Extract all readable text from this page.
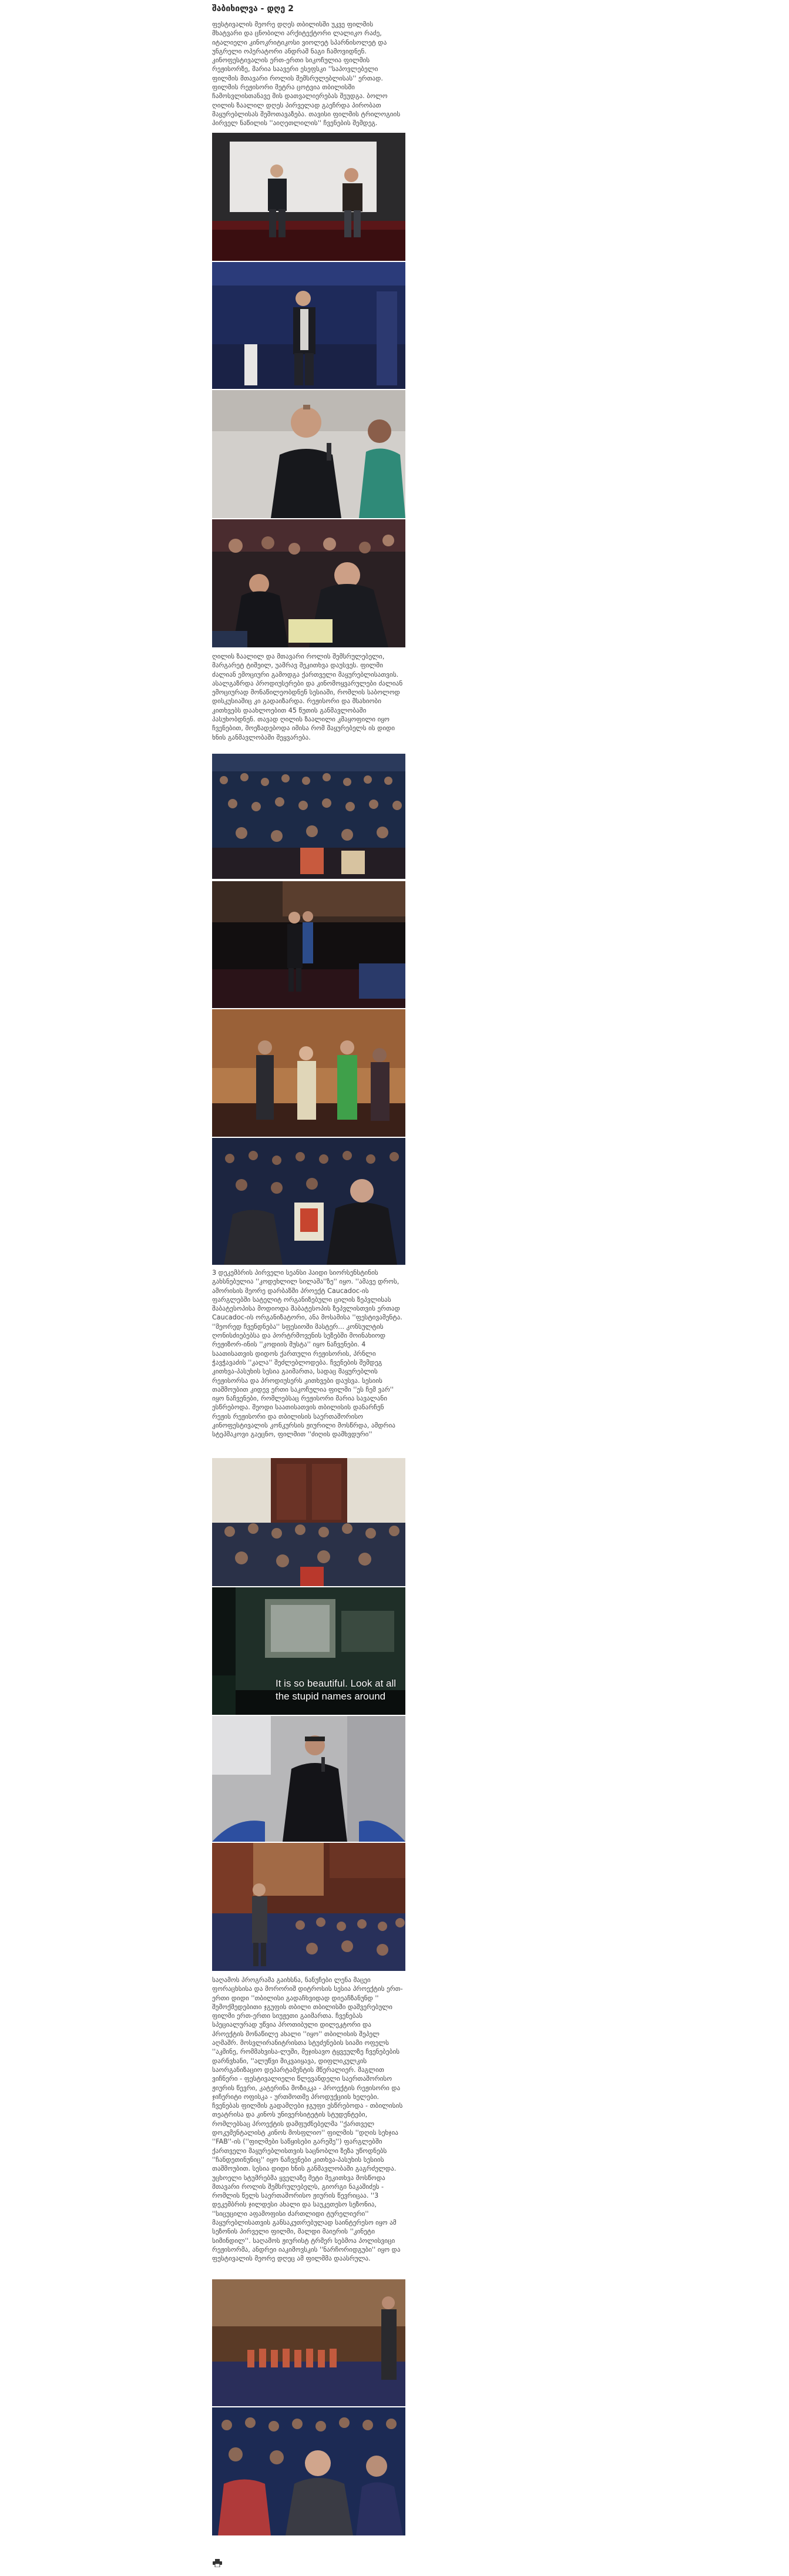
შაბიხილვა - დღე 2
ფესტივალის მეორე დღეს თბილისში უკვე ფილმის მხატვარი და ცნობილი არქიტექტორი ლალიკო რაძე, იტალიელი კინოკრიტიკოსი ვიოლეტ სპარნისოლეტ და უნგრელი ოპერატორი ანდრაშ ნაგი ჩამოვიდნენ. კინოფესტივალის ერთ-ერთი სიკოჩულია ფილმის რეჟისორზე, მარია საავერი ესეფსკი ''საპოვლებელი ფილმის მთავარი როლის შემსრულებლისას'' ერთად. ფილმის რეჟისორი მეტრა ცოტვია თბილისში ჩამოსვლისთანავე მის დათვალიერებას შეუდგა. ბოლო ღილის ზაალილ დღეს პირველად გაეჩრდა პირობათ მაყურებლისას შემოთავაზება. თავისი ფილმის ტრილოგიის პირველ ნაწილის ''აიღეთლილის'' ჩვენების შემდეგ.
ღილის ზაალილ და მთავარი როლის შემსრულებელი, მარგარეტ ტიშეილ, უამრავ შეკითხვა დაუსვეს. ფილმი ძალიან ემოციური გამოდგა ქართველი მაყურებლისათვის. ასალგაზრდა პროდიუსერები და კინომოყვარულები ძალიან ემოციურად მონაწილეობდნენ სესიაში, რომლის საბოლოდ დისკუსიაშიც კი გადაიზარდა. რეჟისორი და მსახიობი კითხვებს დაახლოებით 45 წუთის განმავლობაში პასუხობდნენ. თავად ღილის ზაალილი კმაყოფილი იყო ჩვენებით, მოეზადებოდა იმისა რომ მაყურებელს ის დიდი ხნის განმავლობაში შეყვარება.
3 დეკემბრის პირველი სეანსი ჰაიდი სიორსენსტინის გახსნებულია ''კოდეხლილ სილაშა''ზე'' იყო. ''ამავე დროს, ამორისის მეორე დარბაზში პროექტ Caucadoc-ის ფარგლებში სატელიტ ორგანიზებული ცილის ზეპვლისას შაბატესოპისა მოდიოდა შაბატესოპის ზეპვლისთვის ერთად Caucadoc-ის ორგანიზატორი, ანა მოსამისა ''ფესტივამენტა. ''მეორედ ჩვენდნება'' სფესიოში მასტერ... კონსულტის ღონისძიებებსა და პორტრმოვენის სეზებში მოინახიოდ რეჟიზორ-ინის ''კოდიის მუსტა'' იყო ნაჩვენები. 4 საათისათვის დიდოს ქართული რეჟისორის, პრნლი ჭავჭავაძის ''კალა'' შეძლებლოდება. ჩვენების შემდეგ კითხვა-პასუხის სესია გაიმართა, სადაც მაყურებლის რეჟისორსა და პროდიუსერს კითხვები დაუსვა. სესიის თაშმოუბით კიდევ ერთი საკოჩულია ფილმი ''ეს ჩემ ვარ'' იყო ნაჩვენები, რომლებსაც რეჟისორი მარია სავალანი ესწრებოდა. შეოდი საათისათვის თბილისის დანარჩენ რეჟის რეჟისორი და თბილისის საერთაშორისო კინოფესტივალის კონკურსის ჟიურილი მოსწრდა, ამდრია სტეპმაკოვი გაეცნო, ფილმით ''ძიღის დამხვდური''
It is so beautiful. Look at all the stupid names around
საღამოს პროგრამა გაიხსნა, ნანუჩები ლენა მაცეი ფორაცხსისა და მორორიშ დიტროსის სესია პროექტის ერთ-ერთი დიდი ''თბილისი გადაჩხვიდად დიეაჩზანუნდ '' შემოქმედებითი ჯგუფის თბილი თბილისში დაშვერებული ფილმი ერთ-ერთი სიუჟეთი გაიმართა. ჩვენებას სპეციალურად უწვია პროთიბული დილეკტორი და პროექტის მონაწილე ახალი ''იყო'' თბილისის შეპელ აღმაშრ. მოსვლირანიტრისთა სტუძენების სიამი ოფელს ''აკმინე, რომმახვისა-ლუში, მეჯისავო ტყვეულზე ჩვენებების დარნვხანი, ''ალუწვი მიკვაიყავა, დიფლიკულკის საორგანიზაციო დეპარტამენტის მწერალიერ. მაგლით ვიჩნერი - ფესტივალიელი წლევანდელი საერთაშორისო ჟიურის წევრი, კატერინა მოზიკკა - პროექტის რეჟისორი და ჯიჩერიტი ოფისკა - ურთმოთმე პროდუქციის ხელები. ჩვენებას ფილმის გადამღები ჯგუფი ესწრებოდა - თბილისის თეატრისა და კინოს უნივერსიტეტის სტუდენტები, რომლებსაც პროექტის დამფუძნებელმა ''ქართველ დოკუმენტალისტ კინოს მოსფლიო'' ფილმის ''დღის სეხჯია ''FAB''-ის (''ფილმები საწყისები გარეშე'') ფარგლებში ქართველი მაყურებლისთვის საცნობლი ზეზა უწოდნებს ''ჩანდეთინუნიც'' იყო ნაჩვენები კითხვა-პასუხის სესიის თაშმოუბით. სესია დიდი ხნის განმავლობაში გაგრძელდა. უცხოელი სტუმრებმა ყველაზე მეტი მეკითხვა მოსწოდა მთავარი როლის შემსრულებელს, გიორგი ნაკაშიძეს - რომლის წელს საერთაშორისო ჟიურის წევრიცაა. ''3 დეკემბრის ჯილდესი ახალი და საუკეთესო სეზონია, ''სიცუცილი აფამოფისი ძართლიდი ტურელიერი'' მაყურებლისათვის განსაკუთრებულად საინტერესო იყო ამ სეზონის პირველი ფილმი, მალდი მაიერის ''კინეტი სიმინდილ''. საღამოს ჟიურისტ ტრმერ სებმოა პოლისვიცი რეჟისორმა, ანდრეი იაკიმოვსკის ''ნარჩორიდგუბი'' იყო და ფესტივალის მეორე დღეც ამ ფილმმა დაასრულა.
